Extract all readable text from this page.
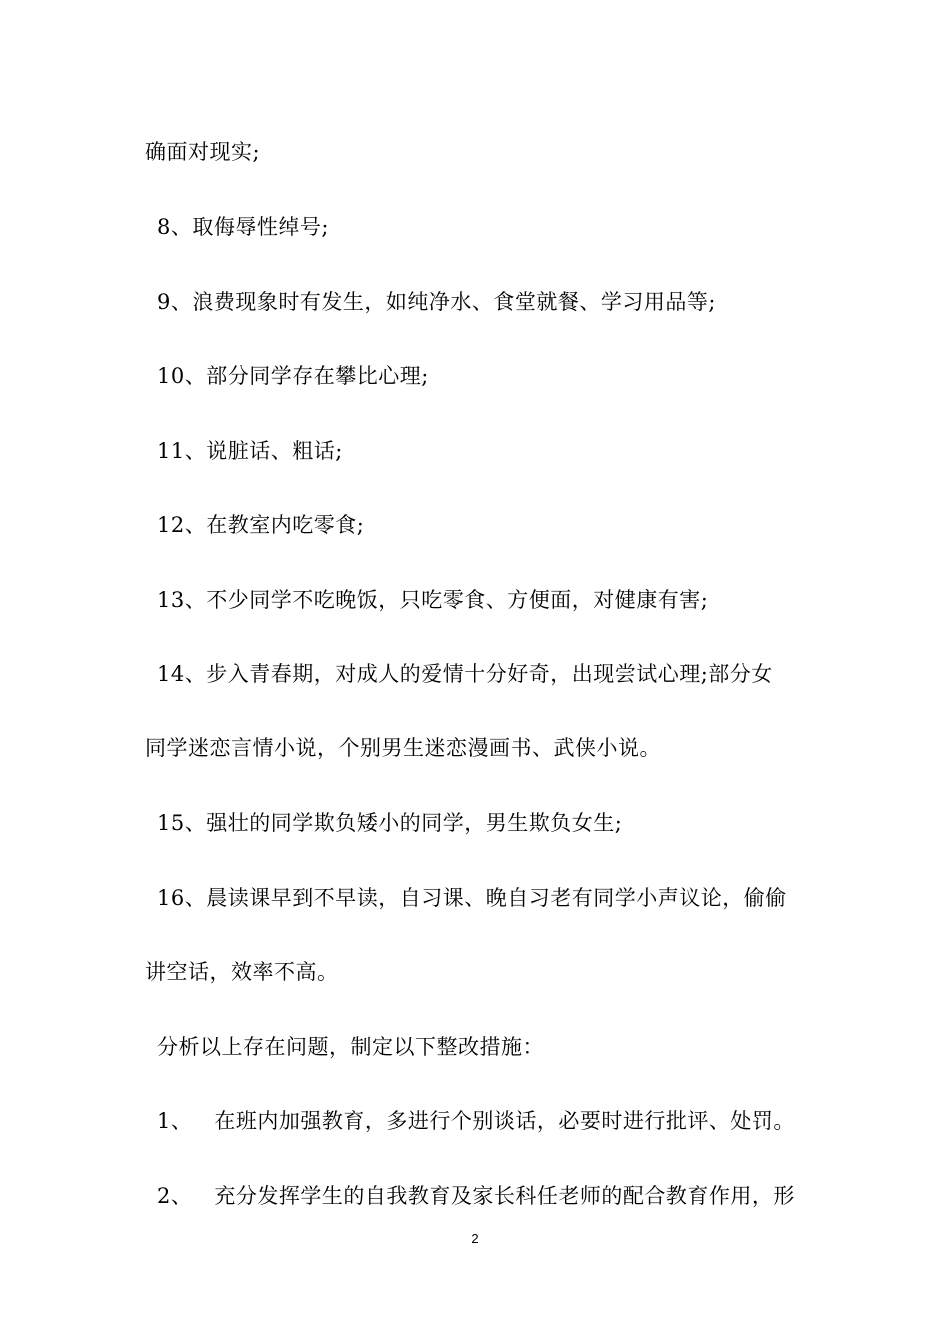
确面对现实;
8、取侮辱性绰号;
9、浪费现象时有发生，如纯净水、食堂就餐、学习用品等;
10、部分同学存在攀比心理;
11、说脏话、粗话;
12、在教室内吃零食;
13、不少同学不吃晚饭，只吃零食、方便面，对健康有害;
14、步入青春期，对成人的爱情十分好奇，出现尝试心理;部分女
同学迷恋言情小说，个别男生迷恋漫画书、武侠小说。
15、强壮的同学欺负矮小的同学，男生欺负女生;
16、晨读课早到不早读，自习课、晚自习老有同学小声议论，偷偷
讲空话，效率不高。
分析以上存在问题，制定以下整改措施：
1、 在班内加强教育，多进行个别谈话，必要时进行批评、处罚。
2、 充分发挥学生的自我教育及家长科任老师的配合教育作用，形
2
